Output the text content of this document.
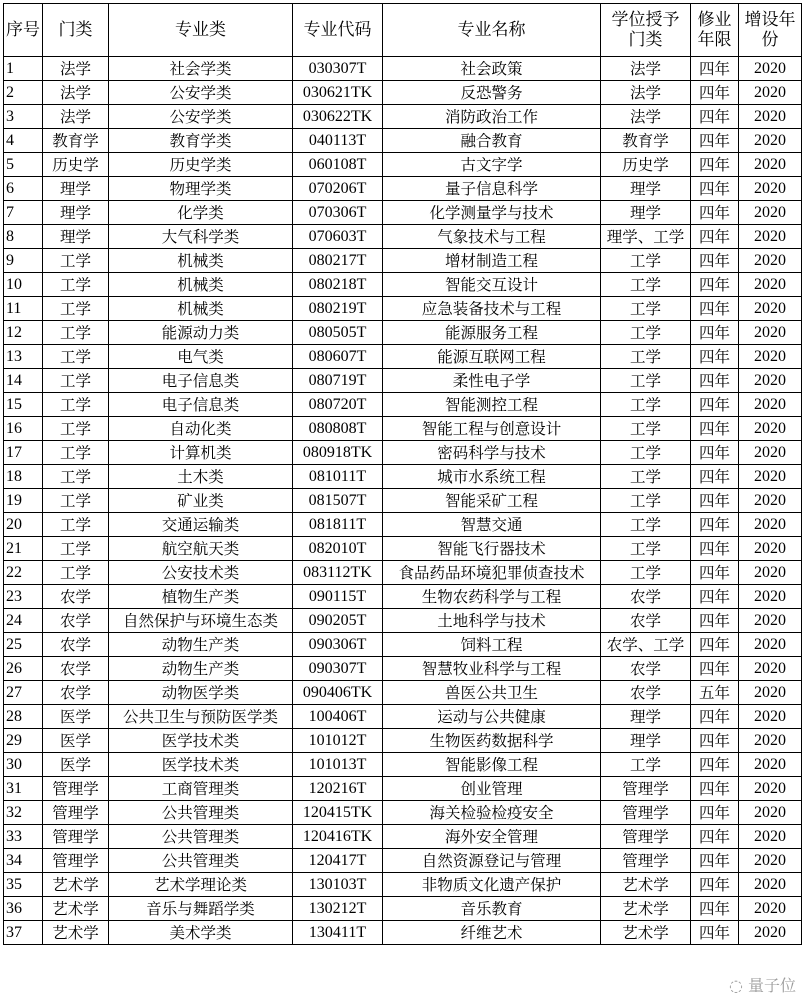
序号	门类	专业类	专业代码	专业名称	学位授予门类	修业年限	增设年份
1	法学	社会学类	030307T	社会政策	法学	四年	2020
2	法学	公安学类	030621TK	反恐警务	法学	四年	2020
3	法学	公安学类	030622TK	消防政治工作	法学	四年	2020
4	教育学	教育学类	040113T	融合教育	教育学	四年	2020
5	历史学	历史学类	060108T	古文字学	历史学	四年	2020
6	理学	物理学类	070206T	量子信息科学	理学	四年	2020
7	理学	化学类	070306T	化学测量学与技术	理学	四年	2020
8	理学	大气科学类	070603T	气象技术与工程	理学、工学	四年	2020
9	工学	机械类	080217T	增材制造工程	工学	四年	2020
10	工学	机械类	080218T	智能交互设计	工学	四年	2020
11	工学	机械类	080219T	应急装备技术与工程	工学	四年	2020
12	工学	能源动力类	080505T	能源服务工程	工学	四年	2020
13	工学	电气类	080607T	能源互联网工程	工学	四年	2020
14	工学	电子信息类	080719T	柔性电子学	工学	四年	2020
15	工学	电子信息类	080720T	智能测控工程	工学	四年	2020
16	工学	自动化类	080808T	智能工程与创意设计	工学	四年	2020
17	工学	计算机类	080918TK	密码科学与技术	工学	四年	2020
18	工学	土木类	081011T	城市水系统工程	工学	四年	2020
19	工学	矿业类	081507T	智能采矿工程	工学	四年	2020
20	工学	交通运输类	081811T	智慧交通	工学	四年	2020
21	工学	航空航天类	082010T	智能飞行器技术	工学	四年	2020
22	工学	公安技术类	083112TK	食品药品环境犯罪侦查技术	工学	四年	2020
23	农学	植物生产类	090115T	生物农药科学与工程	农学	四年	2020
24	农学	自然保护与环境生态类	090205T	土地科学与技术	农学	四年	2020
25	农学	动物生产类	090306T	饲料工程	农学、工学	四年	2020
26	农学	动物生产类	090307T	智慧牧业科学与工程	农学	四年	2020
27	农学	动物医学类	090406TK	兽医公共卫生	农学	五年	2020
28	医学	公共卫生与预防医学类	100406T	运动与公共健康	理学	四年	2020
29	医学	医学技术类	101012T	生物医药数据科学	理学	四年	2020
30	医学	医学技术类	101013T	智能影像工程	工学	四年	2020
31	管理学	工商管理类	120216T	创业管理	管理学	四年	2020
32	管理学	公共管理类	120415TK	海关检验检疫安全	管理学	四年	2020
33	管理学	公共管理类	120416TK	海外安全管理	管理学	四年	2020
34	管理学	公共管理类	120417T	自然资源登记与管理	管理学	四年	2020
35	艺术学	艺术学理论类	130103T	非物质文化遗产保护	艺术学	四年	2020
36	艺术学	音乐与舞蹈学类	130212T	音乐教育	艺术学	四年	2020
37	艺术学	美术学类	130411T	纤维艺术	艺术学	四年	2020
◌ 量子位
